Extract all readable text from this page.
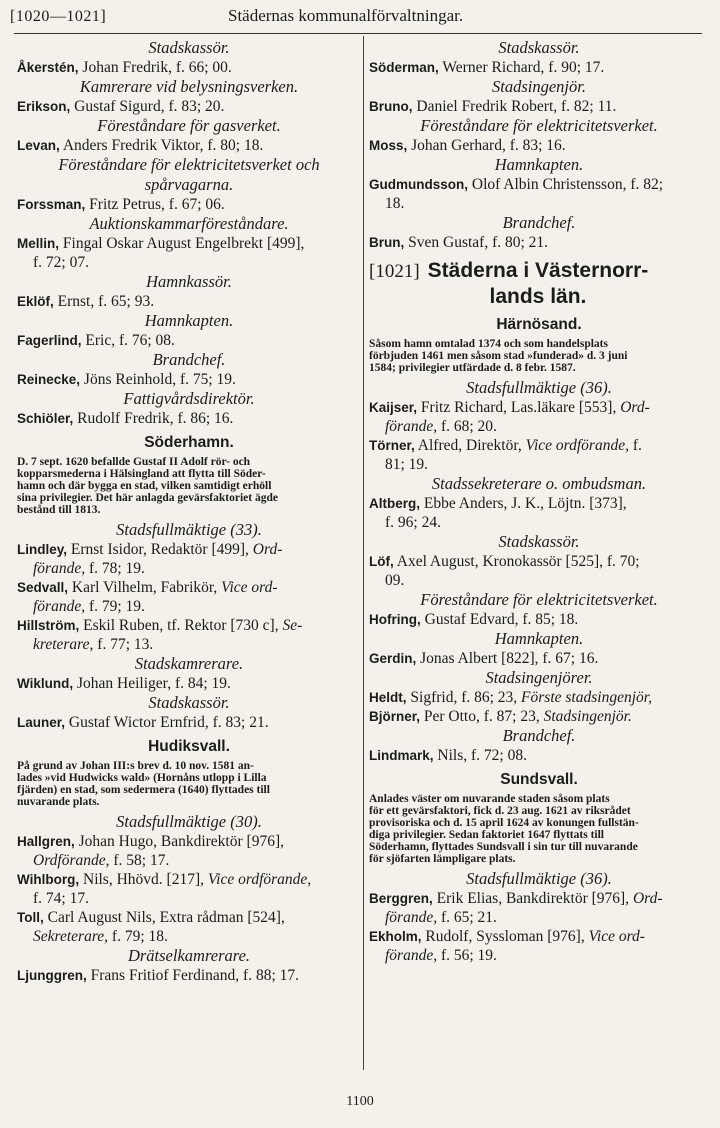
[1020—1021]	Städernas kommunalförvaltningar.
Stadskassör.
Åkerstén, Johan Fredrik, f. 66; 00.
Kamrerare vid belysningsverken.
Erikson, Gustaf Sigurd, f. 83; 20.
Föreståndare för gasverket.
Levan, Anders Fredrik Viktor, f. 80; 18.
Föreståndare för elektricitetsverket och
spårvagarna.
Forssman, Fritz Petrus, f. 67; 06.
Auktionskammarföreståndare.
Mellin, Fingal Oskar August Engelbrekt [499],
f. 72; 07.
Hamnkassör.
Eklöf, Ernst, f. 65; 93.
Hamnkapten.
Fagerlind, Eric, f. 76; 08.
Brandchef.
Reinecke, Jöns Reinhold, f. 75; 19.
Fattigvårdsdirektör.
Schiöler, Rudolf Fredrik, f. 86; 16.
Söderhamn.
D. 7 sept. 1620 befallde Gustaf II Adolf rör- och
kopparsmederna i Hälsingland att flytta till Söder-
hamn och där bygga en stad, vilken samtidigt erhöll
sina privilegier. Det här anlagda gevärsfaktoriet ägde
bestånd till 1813.
Stadsfullmäktige (33).
Lindley, Ernst Isidor, Redaktör [499], Ord-
förande, f. 78; 19.
Sedvall, Karl Vilhelm, Fabrikör, Vice ord-
förande, f. 79; 19.
Hillström, Eskil Ruben, tf. Rektor [730 c], Se-
kreterare, f. 77; 13.
Stadskamrerare.
Wiklund, Johan Heiliger, f. 84; 19.
Stadskassör.
Launer, Gustaf Wictor Ernfrid, f. 83; 21.
Hudiksvall.
På grund av Johan III:s brev d. 10 nov. 1581 an-
lades »vid Hudwicks wald» (Hornåns utlopp i Lilla
fjärden) en stad, som sedermera (1640) flyttades till
nuvarande plats.
Stadsfullmäktige (30).
Hallgren, Johan Hugo, Bankdirektör [976],
Ordförande, f. 58; 17.
Wihlborg, Nils, Hhövd. [217], Vice ordförande,
f. 74; 17.
Toll, Carl August Nils, Extra rådman [524],
Sekreterare, f. 79; 18.
Drätselkamrerare.
Ljunggren, Frans Fritiof Ferdinand, f. 88; 17.
Stadskassör.
Söderman, Werner Richard, f. 90; 17.
Stadsingenjör.
Bruno, Daniel Fredrik Robert, f. 82; 11.
Föreståndare för elektricitetsverket.
Moss, Johan Gerhard, f. 83; 16.
Hamnkapten.
Gudmundsson, Olof Albin Christensson, f. 82;
18.
Brandchef.
Brun, Sven Gustaf, f. 80; 21.
[1021] Städerna i Västernorr-
lands län.
Härnösand.
Såsom hamn omtalad 1374 och som handelsplats
förbjuden 1461 men såsom stad »funderad» d. 3 juni
1584; privilegier utfärdade d. 8 febr. 1587.
Stadsfullmäktige (36).
Kaijser, Fritz Richard, Las.läkare [553], Ord-
förande, f. 68; 20.
Törner, Alfred, Direktör, Vice ordförande, f.
81; 19.
Stadssekreterare o. ombudsman.
Altberg, Ebbe Anders, J. K., Löjtn. [373],
f. 96; 24.
Stadskassör.
Löf, Axel August, Kronokassör [525], f. 70;
09.
Föreståndare för elektricitetsverket.
Hofring, Gustaf Edvard, f. 85; 18.
Hamnkapten.
Gerdin, Jonas Albert [822], f. 67; 16.
Stadsingenjörer.
Heldt, Sigfrid, f. 86; 23, Förste stadsingenjör,
Björner, Per Otto, f. 87; 23, Stadsingenjör.
Brandchef.
Lindmark, Nils, f. 72; 08.
Sundsvall.
Anlades väster om nuvarande staden såsom plats
för ett gevärsfaktori, fick d. 23 aug. 1621 av riksrådet
provisoriska och d. 15 april 1624 av konungen fullstän-
diga privilegier. Sedan faktoriet 1647 flyttats till
Söderhamn, flyttades Sundsvall i sin tur till nuvarande
för sjöfarten lämpligare plats.
Stadsfullmäktige (36).
Berggren, Erik Elias, Bankdirektör [976], Ord-
förande, f. 65; 21.
Ekholm, Rudolf, Syssloman [976], Vice ord-
förande, f. 56; 19.
1100
